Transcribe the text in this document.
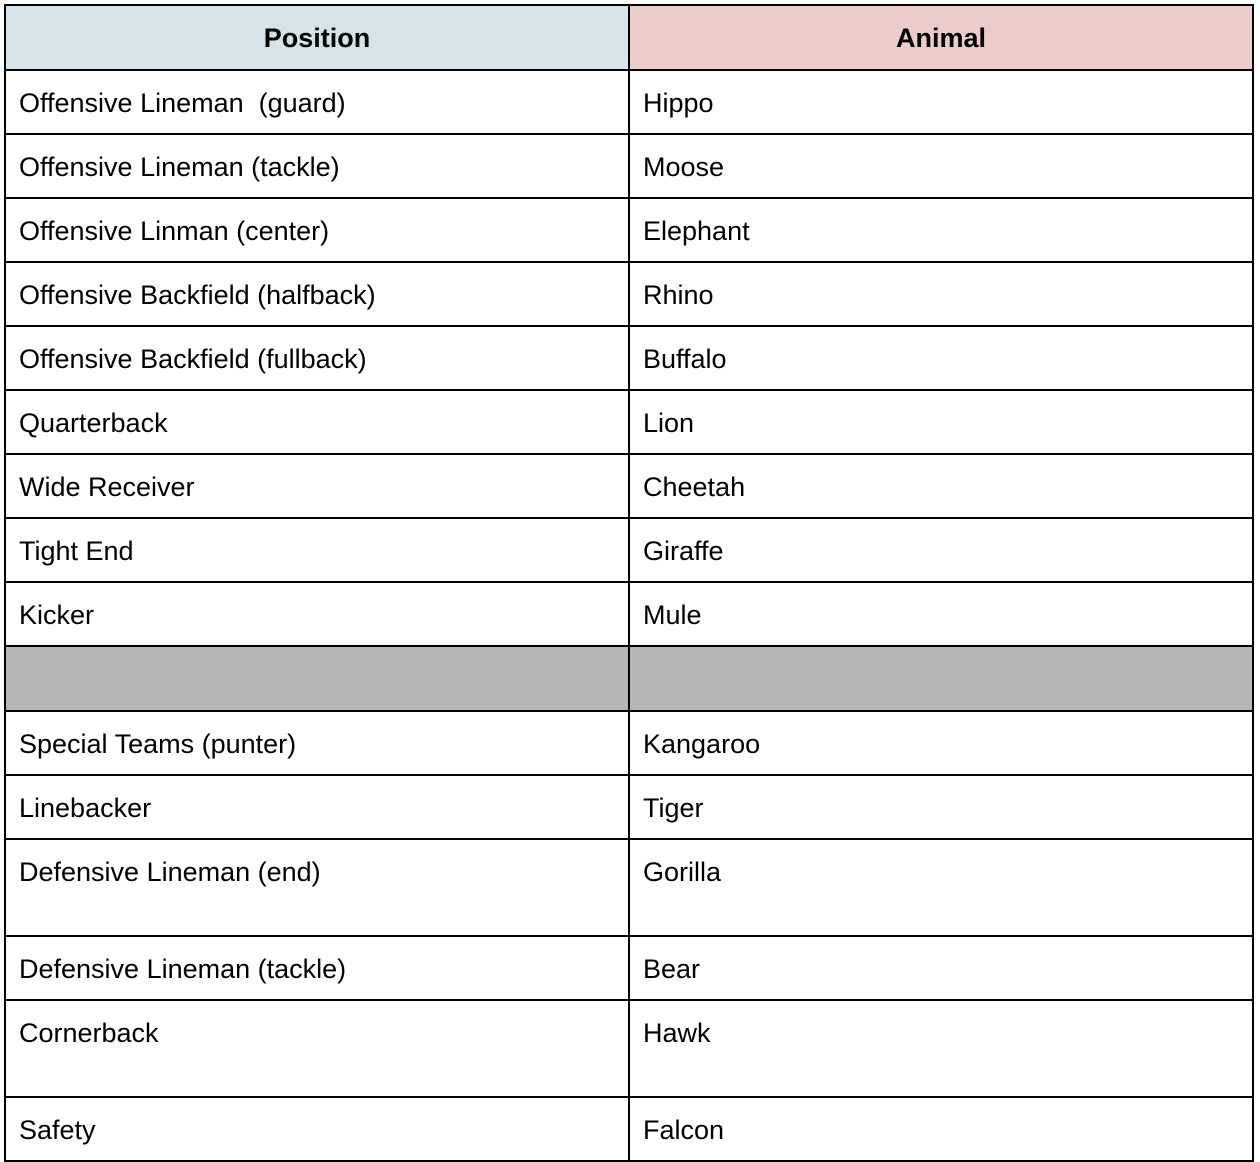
Position	Animal

Offensive Lineman  (guard)	Hippo

Offensive Lineman (tackle)	Moose

Offensive Linman (center)	Elephant

Offensive Backfield (halfback)	Rhino

Offensive Backfield (fullback)	Buffalo

Quarterback	Lion

Wide Receiver	Cheetah

Tight End	Giraffe

Kicker	Mule

Special Teams (punter)	Kangaroo

Linebacker	Tiger

Defensive Lineman (end)	Gorilla

Defensive Lineman (tackle)	Bear

Cornerback	Hawk

Safety	Falcon
